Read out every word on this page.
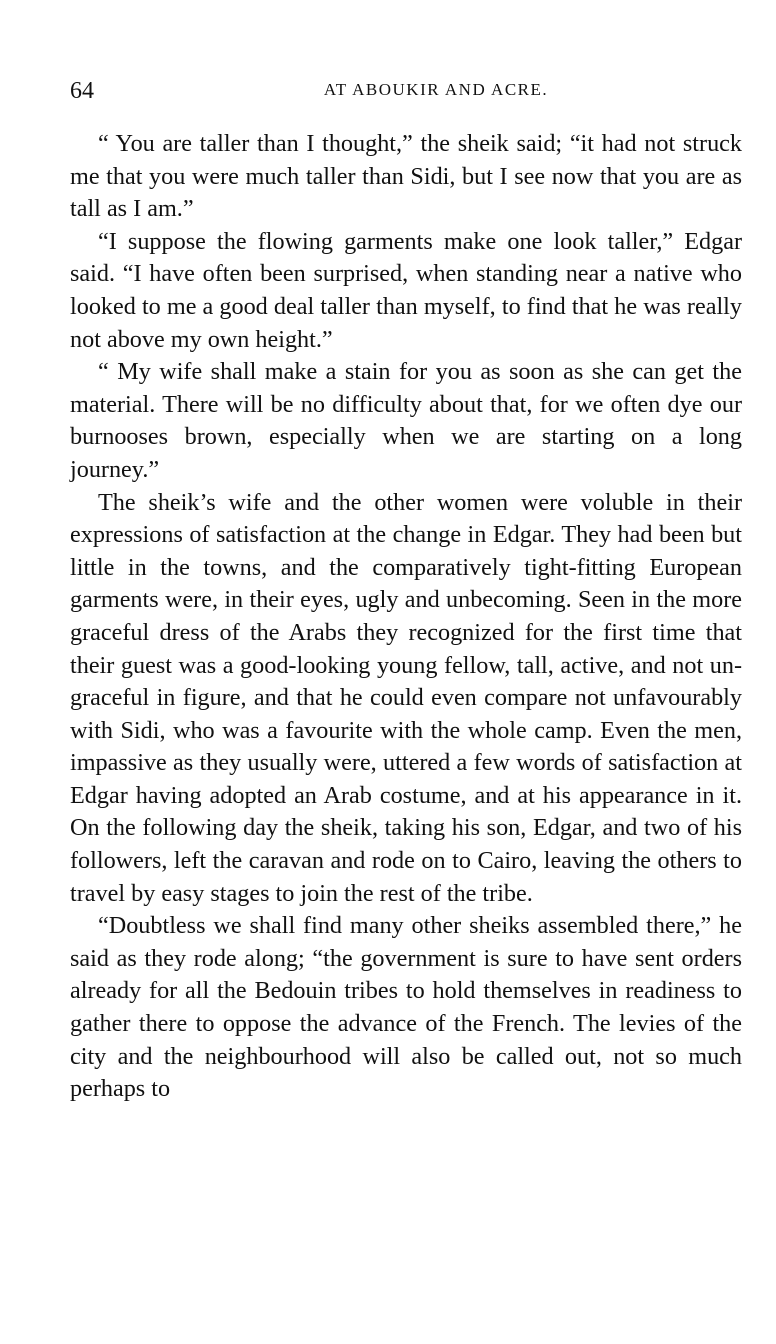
64	AT ABOUKIR AND ACRE.

“ You are taller than I thought,” the sheik said; “it had not struck me that you were much taller than Sidi, but I see now that you are as tall as I am.”

“I suppose the flowing garments make one look taller,” Edgar said. “I have often been surprised, when standing near a native who looked to me a good deal taller than myself, to find that he was really not above my own height.”

“ My wife shall make a stain for you as soon as she can get the material. There will be no difficulty about that, for we often dye our burnooses brown, especially when we are starting on a long journey.”

The sheik’s wife and the other women were voluble in their expressions of satisfaction at the change in Edgar. They had been but little in the towns, and the comparatively tight-fitting European garments were, in their eyes, ugly and unbecoming. Seen in the more graceful dress of the Arabs they recognized for the first time that their guest was a good-looking young fellow, tall, active, and not ungraceful in figure, and that he could even compare not unfavourably with Sidi, who was a favourite with the whole camp. Even the men, impassive as they usually were, uttered a few words of satisfaction at Edgar having adopted an Arab costume, and at his appearance in it. On the following day the sheik, taking his son, Edgar, and two of his followers, left the caravan and rode on to Cairo, leaving the others to travel by easy stages to join the rest of the tribe.

“Doubtless we shall find many other sheiks assembled there,” he said as they rode along; “the government is sure to have sent orders already for all the Bedouin tribes to hold themselves in readiness to gather there to oppose the advance of the French. The levies of the city and the neighbourhood will also be called out, not so much perhaps to
